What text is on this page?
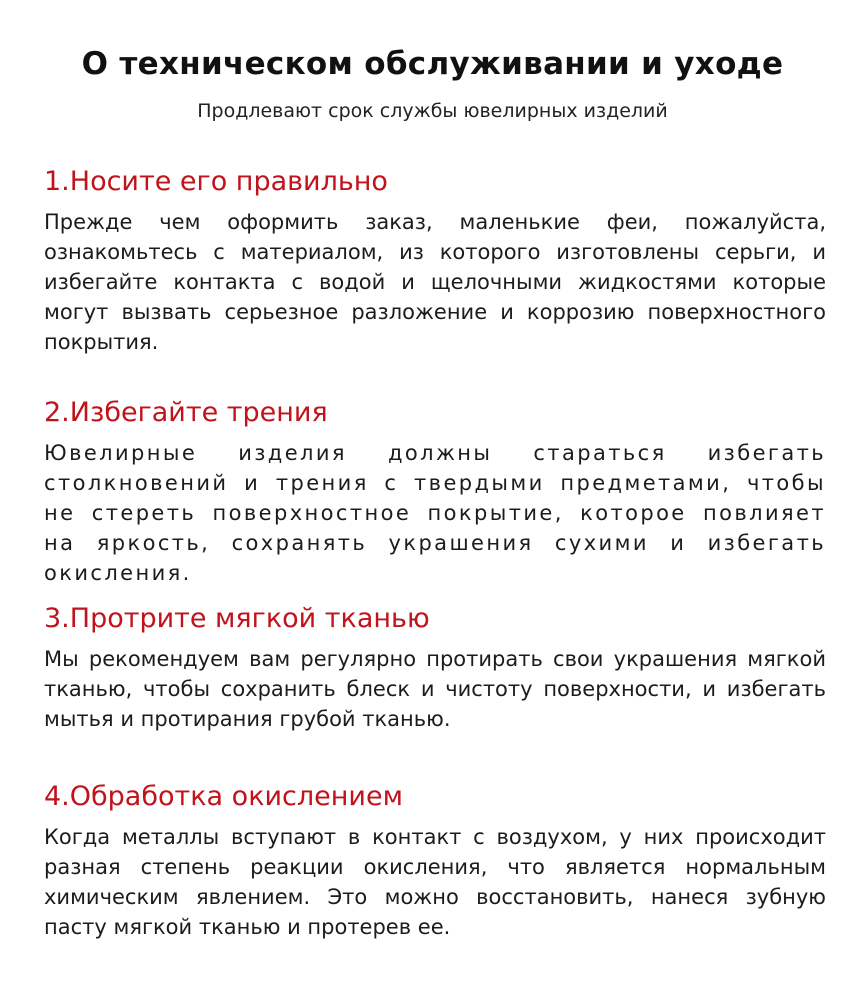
О техническом обслуживании и уходе
Продлевают срок службы ювелирных изделий
1.Носите его правильно

Прежде чем оформить заказ, маленькие феи, пожалуйста, ознакомьтесь с материалом, из которого изготовлены серьги, и избегайте контакта с водой и щелочными жидкостями которые могут вызвать серьезное разложение и коррозию поверхностного покрытия.

2.Избегайте трения

Ювелирные изделия должны стараться избегать столкновений и трения с твердыми предметами, чтобы не стереть поверхностное покрытие, которое повлияет на яркость, сохранять украшения сухими и избегать окисления.

3.Протрите мягкой тканью

Мы рекомендуем вам регулярно протирать свои украшения мягкой тканью, чтобы сохранить блеск и чистоту поверхности, и избегать мытья и протирания грубой тканью.

4.Обработка окислением

Когда металлы вступают в контакт с воздухом, у них происходит разная степень реакции окисления, что является нормальным химическим явлением. Это можно восстановить, нанеся зубную пасту мягкой тканью и протерев ее.
